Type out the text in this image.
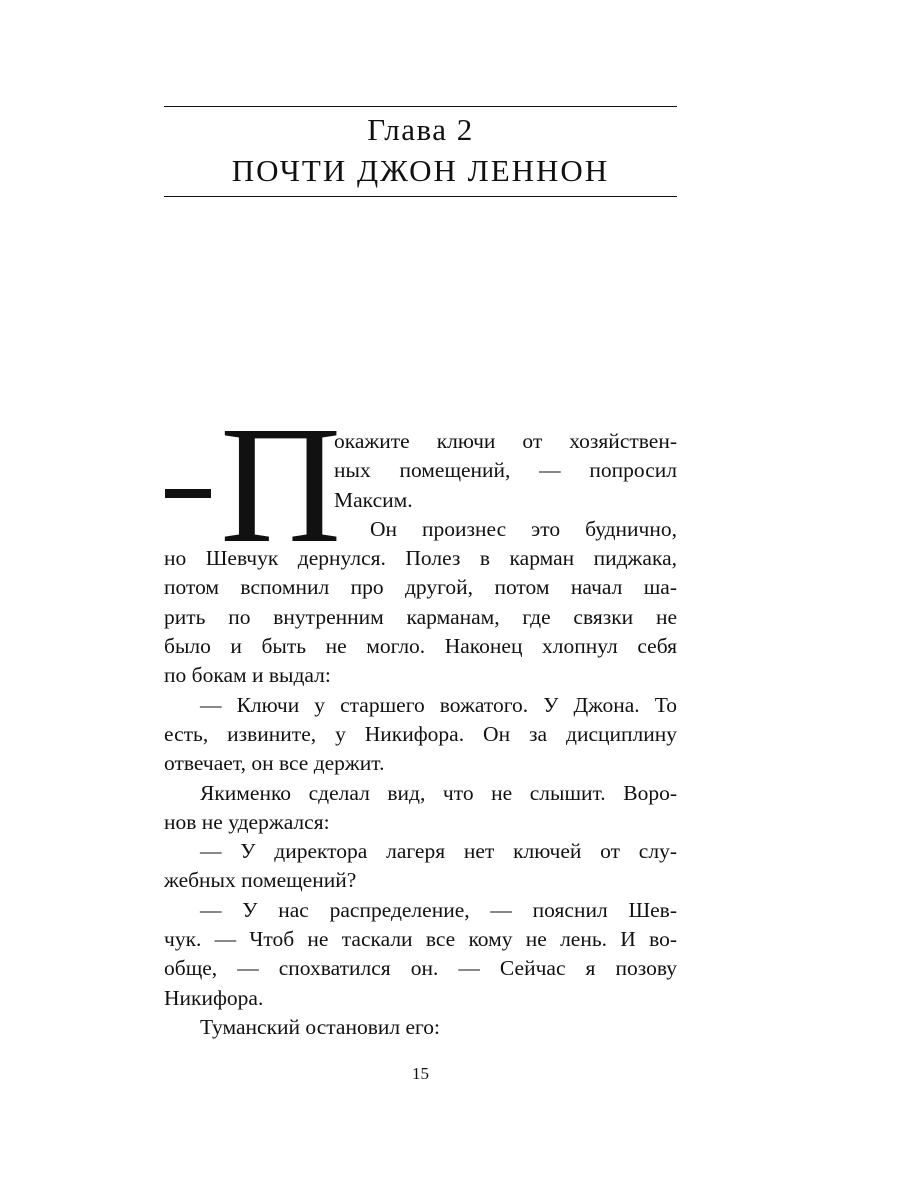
Глава 2
ПОЧТИ ДЖОН ЛЕННОН
П
окажите ключи от хозяйствен-
ных помещений, — попросил
Максим.
Он произнес это буднично,
но Шевчук дернулся. Полез в карман пиджака,
потом вспомнил про другой, потом начал ша-
рить по внутренним карманам, где связки не
было и быть не могло. Наконец хлопнул себя
по бокам и выдал:
— Ключи у старшего вожатого. У Джона. То
есть, извините, у Никифора. Он за дисциплину
отвечает, он все держит.
Якименко сделал вид, что не слышит. Воро-
нов не удержался:
— У директора лагеря нет ключей от слу-
жебных помещений?
— У нас распределение, — пояснил Шев-
чук. — Чтоб не таскали все кому не лень. И во-
обще, — спохватился он. — Сейчас я позову
Никифора.
Туманский остановил его:
15
